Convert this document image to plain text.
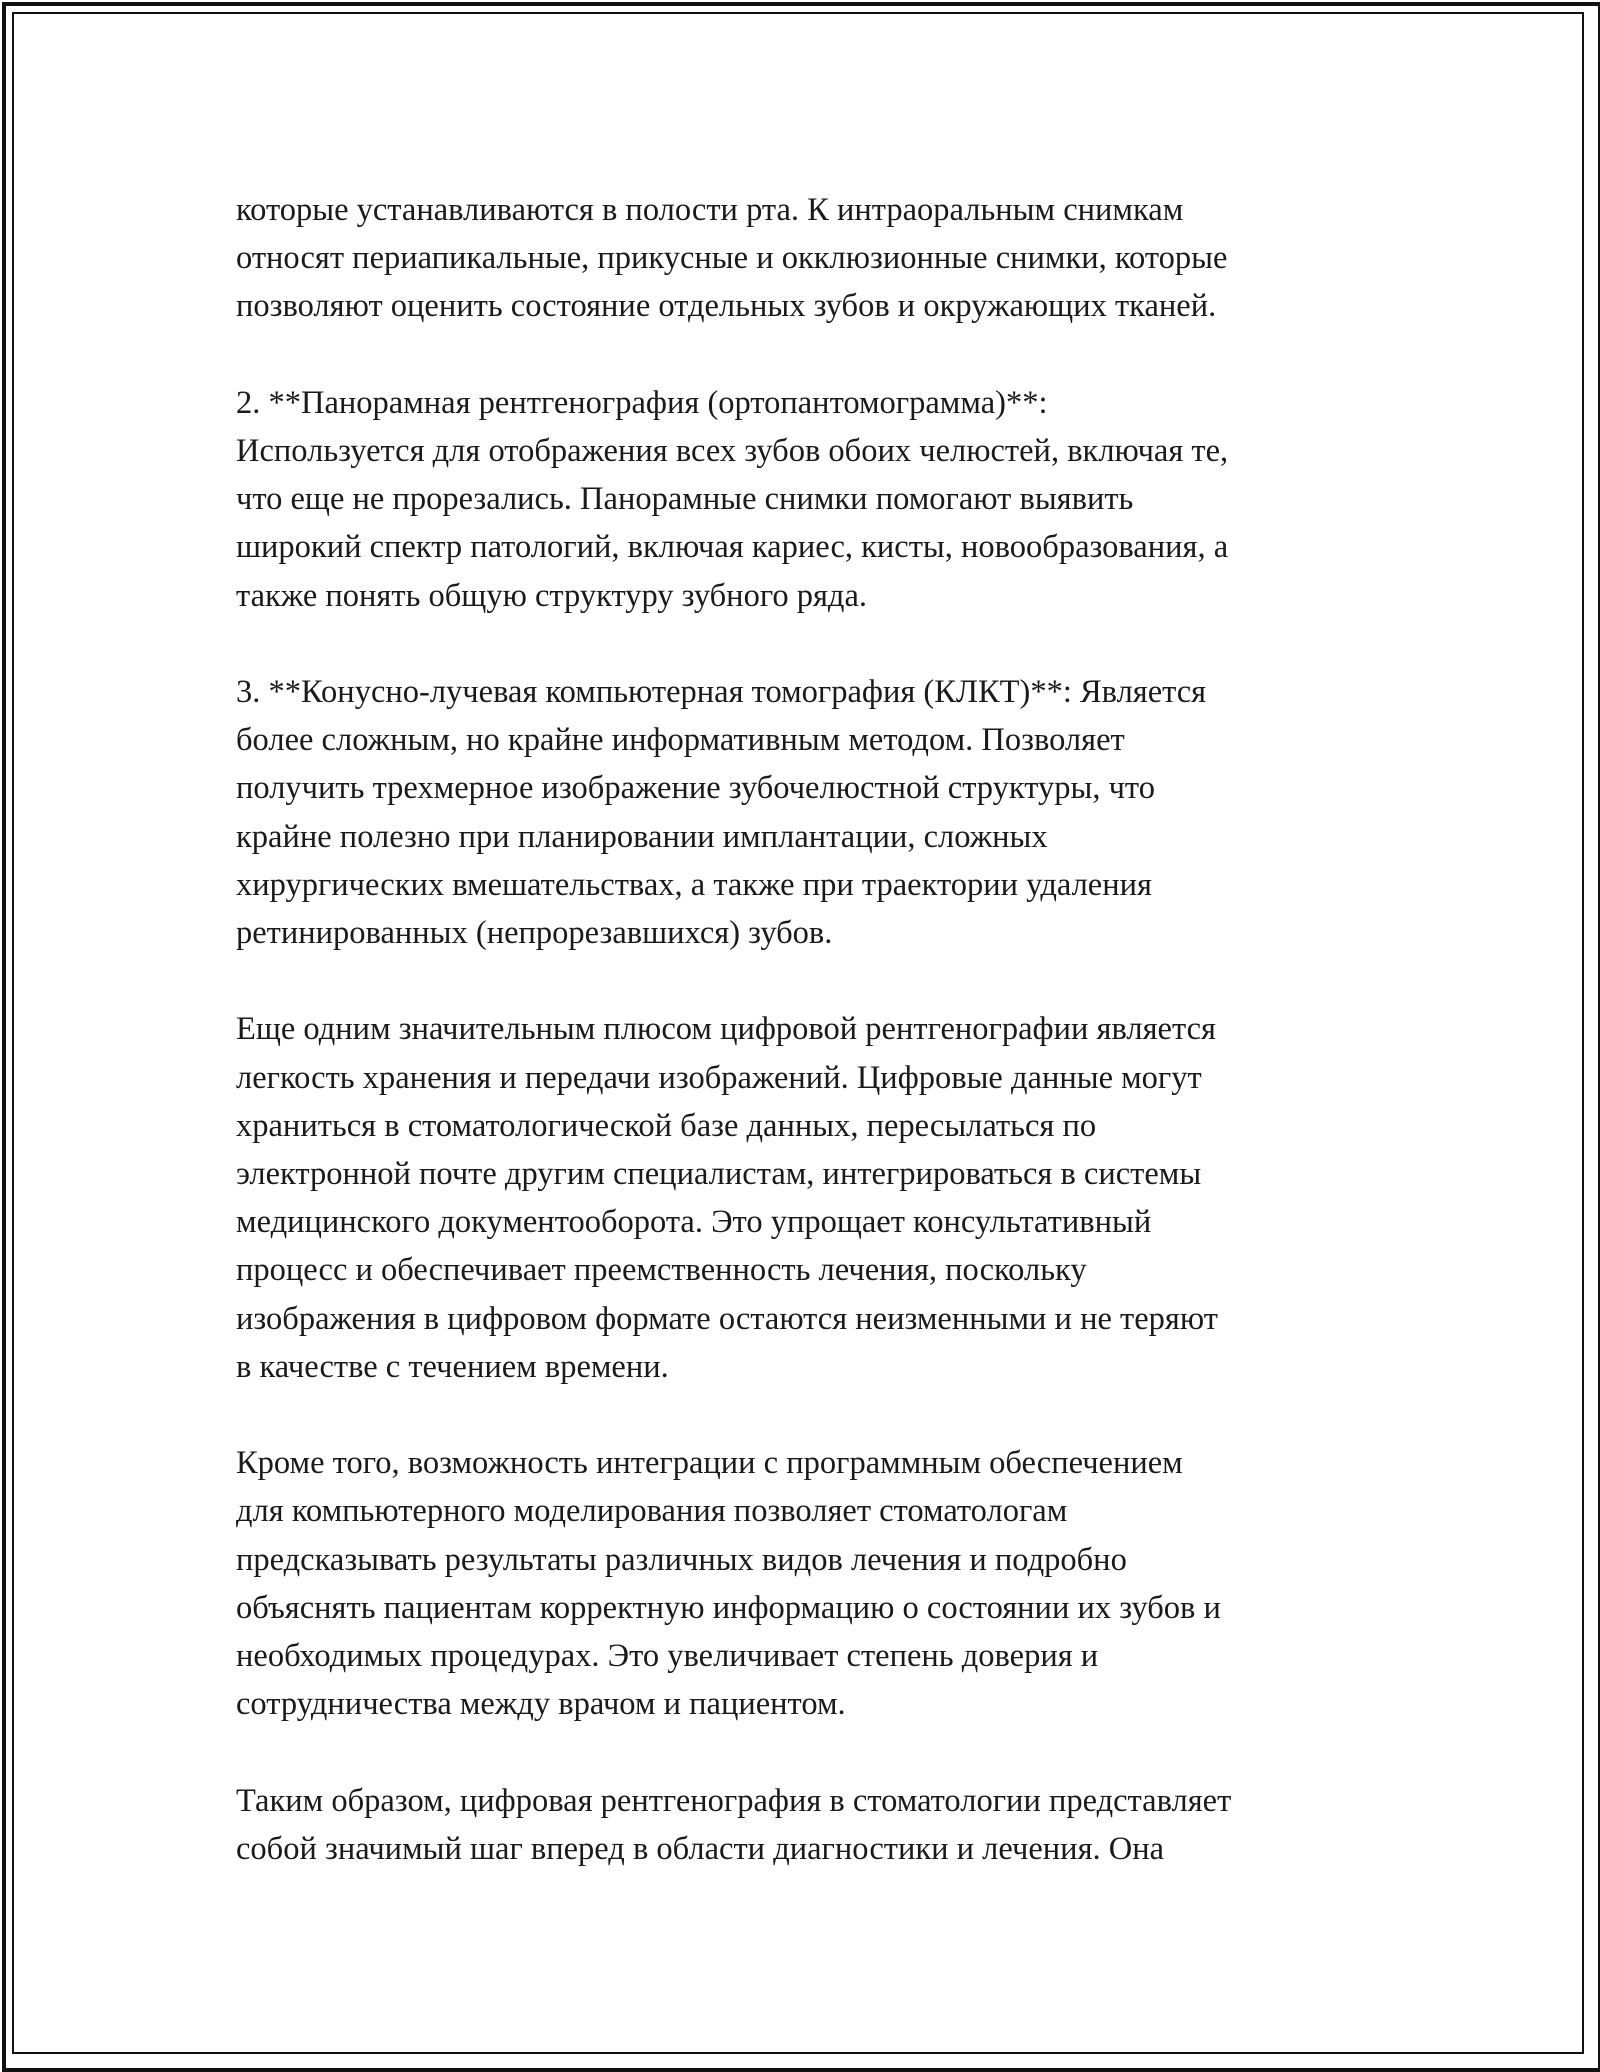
которые устанавливаются в полости рта. К интраоральным снимкам
относят периапикальные, прикусные и окклюзионные снимки, которые
позволяют оценить состояние отдельных зубов и окружающих тканей.

2. **Панорамная рентгенография (ортопантомограмма)**:
Используется для отображения всех зубов обоих челюстей, включая те,
что еще не прорезались. Панорамные снимки помогают выявить
широкий спектр патологий, включая кариес, кисты, новообразования, а
также понять общую структуру зубного ряда.

3. **Конусно-лучевая компьютерная томография (КЛКТ)**: Является
более сложным, но крайне информативным методом. Позволяет
получить трехмерное изображение зубочелюстной структуры, что
крайне полезно при планировании имплантации, сложных
хирургических вмешательствах, а также при траектории удаления
ретинированных (непрорезавшихся) зубов.

Еще одним значительным плюсом цифровой рентгенографии является
легкость хранения и передачи изображений. Цифровые данные могут
храниться в стоматологической базе данных, пересылаться по
электронной почте другим специалистам, интегрироваться в системы
медицинского документооборота. Это упрощает консультативный
процесс и обеспечивает преемственность лечения, поскольку
изображения в цифровом формате остаются неизменными и не теряют
в качестве с течением времени.

Кроме того, возможность интеграции с программным обеспечением
для компьютерного моделирования позволяет стоматологам
предсказывать результаты различных видов лечения и подробно
объяснять пациентам корректную информацию о состоянии их зубов и
необходимых процедурах. Это увеличивает степень доверия и
сотрудничества между врачом и пациентом.

Таким образом, цифровая рентгенография в стоматологии представляет
собой значимый шаг вперед в области диагностики и лечения. Она
